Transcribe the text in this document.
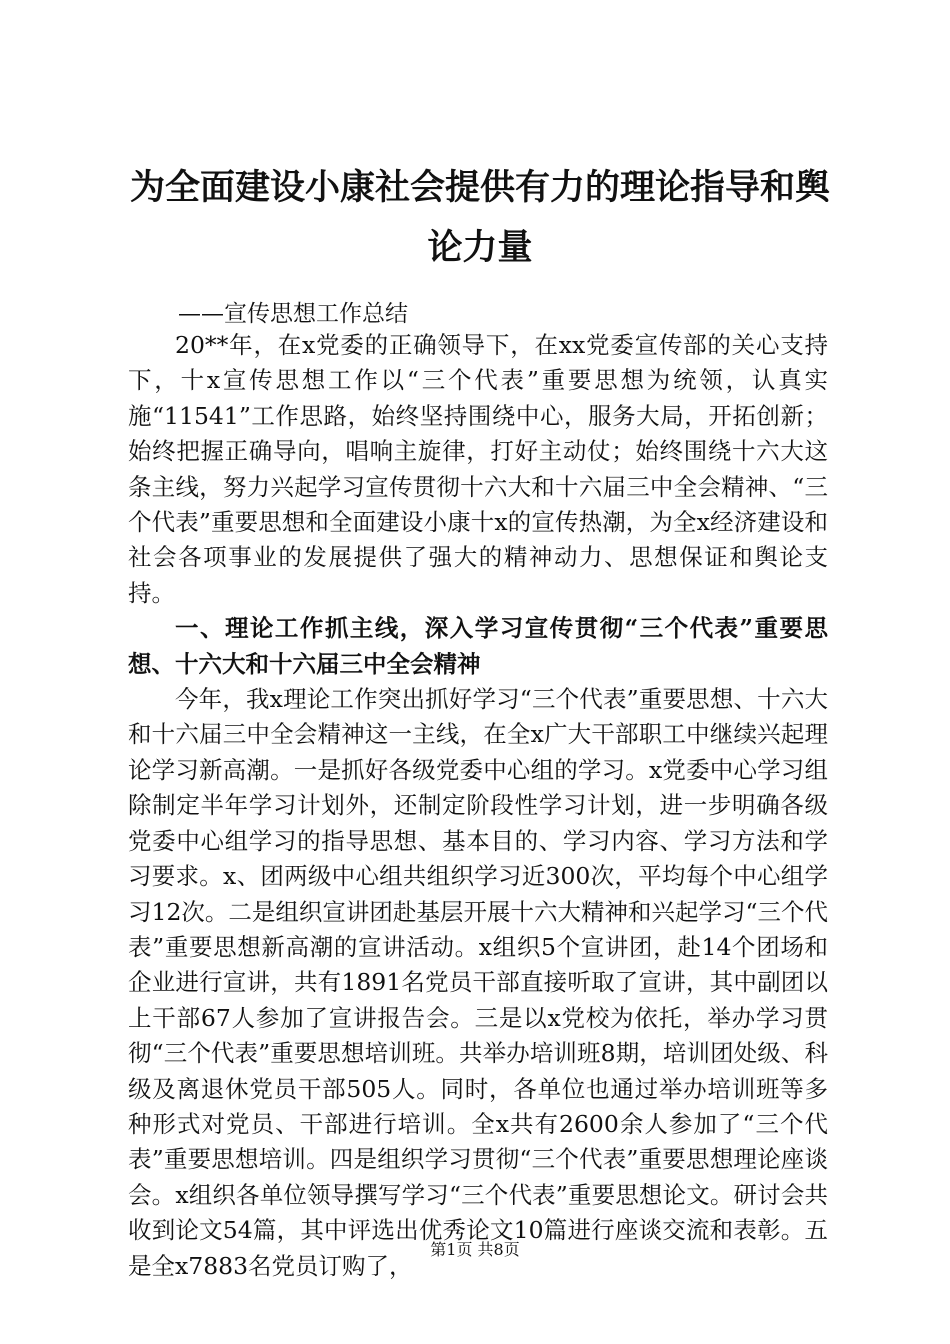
为全面建设小康社会提供有力的理论指导和舆论力量
——宣传思想工作总结

20**年，在x党委的正确领导下，在xx党委宣传部的关心支持下，十x宣传思想工作以“三个代表”重要思想为统领，认真实施“11541”工作思路，始终坚持围绕中心，服务大局，开拓创新；始终把握正确导向，唱响主旋律，打好主动仗；始终围绕十六大这条主线，努力兴起学习宣传贯彻十六大和十六届三中全会精神、“三个代表”重要思想和全面建设小康十x的宣传热潮，为全x经济建设和社会各项事业的发展提供了强大的精神动力、思想保证和舆论支持。

一、理论工作抓主线，深入学习宣传贯彻“三个代表”重要思想、十六大和十六届三中全会精神

今年，我x理论工作突出抓好学习“三个代表”重要思想、十六大和十六届三中全会精神这一主线，在全x广大干部职工中继续兴起理论学习新高潮。一是抓好各级党委中心组的学习。x党委中心学习组除制定半年学习计划外，还制定阶段性学习计划，进一步明确各级党委中心组学习的指导思想、基本目的、学习内容、学习方法和学习要求。x、团两级中心组共组织学习近300次，平均每个中心组学习12次。二是组织宣讲团赴基层开展十六大精神和兴起学习“三个代表”重要思想新高潮的宣讲活动。x组织5个宣讲团，赴14个团场和企业进行宣讲，共有1891名党员干部直接听取了宣讲，其中副团以上干部67人参加了宣讲报告会。三是以x党校为依托，举办学习贯彻“三个代表”重要思想培训班。共举办培训班8期，培训团处级、科级及离退休党员干部505人。同时，各单位也通过举办培训班等多种形式对党员、干部进行培训。全x共有2600余人参加了“三个代表”重要思想培训。四是组织学习贯彻“三个代表”重要思想理论座谈会。x组织各单位领导撰写学习“三个代表”重要思想论文。研讨会共收到论文54篇，其中评选出优秀论文10篇进行座谈交流和表彰。五是全x7883名党员订购了，

第1页 共8页
